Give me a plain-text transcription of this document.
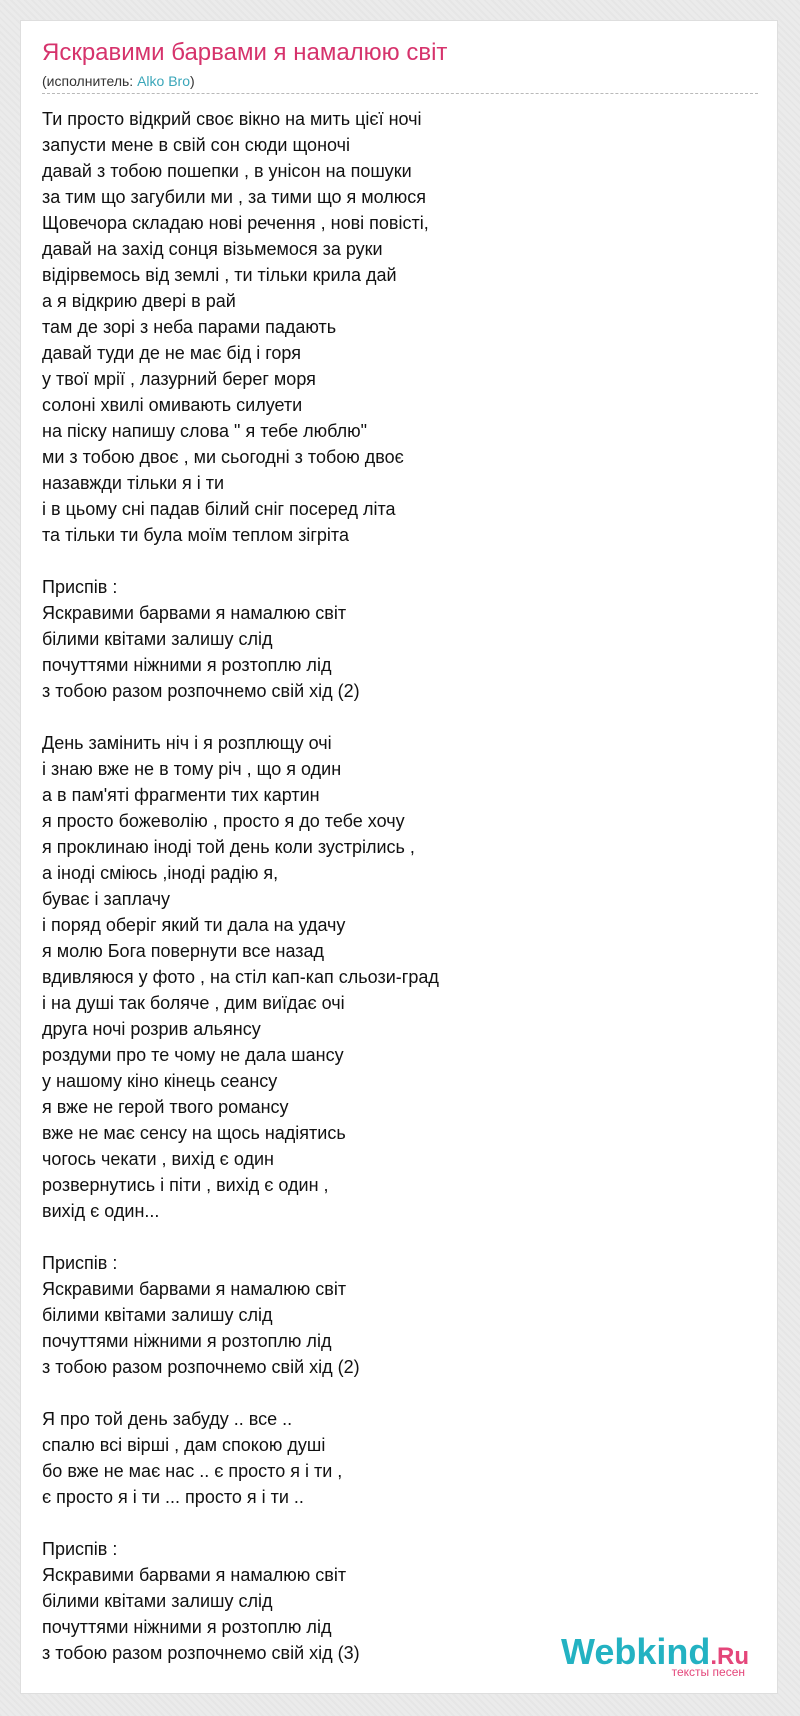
Яскравими барвами я намалюю світ
(исполнитель: Alko Bro)
Ти просто відкрий своє вікно на мить цієї ночі
запусти мене в свій сон сюди щоночі
давай з тобою пошепки , в унісон на пошуки
за тим що загубили ми , за тими що я молюся
Щовечора складаю нові речення , нові повісті,
давай на захід сонця візьмемося за руки
відірвемось від землі , ти тільки крила дай
а я відкрию двері в рай
там де зорі з неба парами падають
давай туди де не має бід і горя
у твої мрії , лазурний берег моря
солоні хвилі омивають силуети
на піску напишу слова " я тебе люблю"
ми з тобою двоє , ми сьогодні з тобою двоє
назавжди тільки я і ти
і в цьому сні падав білий сніг посеред літа
та тільки ти була моїм теплом зігріта
Приспів :
Яскравими барвами я намалюю світ
білими квітами залишу слід
почуттями ніжними я розтоплю лід
з тобою разом розпочнемо свій хід (2)
День замінить ніч і я розплющу очі
і знаю вже не в тому річ , що я один
а в пам'яті фрагменти тих картин
я просто божеволію , просто я до тебе хочу
я проклинаю іноді той день коли зустрілись ,
а іноді сміюсь ,іноді радію я,
буває і заплачу
і поряд оберіг який ти дала на удачу
я молю Бога повернути все назад
вдивляюся у фото , на стіл кап-кап сльози-град
і на душі так боляче , дим виїдає очі
друга ночі розрив альянсу
роздуми про те чому не дала шансу
у нашому кіно кінець сеансу
я вже не герой твого романсу
вже не має сенсу на щось надіятись
чогось чекати , вихід є один
розвернутись і піти , вихід є один ,
вихід є один...
Приспів :
Яскравими барвами я намалюю світ
білими квітами залишу слід
почуттями ніжними я розтоплю лід
з тобою разом розпочнемо свій хід (2)
Я про той день забуду .. все ..
спалю всі вірші , дам спокою душі
бо вже не має нас .. є просто я і ти ,
є просто я і ти ... просто я і ти ..
Приспів :
Яскравими барвами я намалюю світ
білими квітами залишу слід
почуттями ніжними я розтоплю лід
з тобою разом розпочнемо свій хід (3)	Webkind.Ru
тексты песен
